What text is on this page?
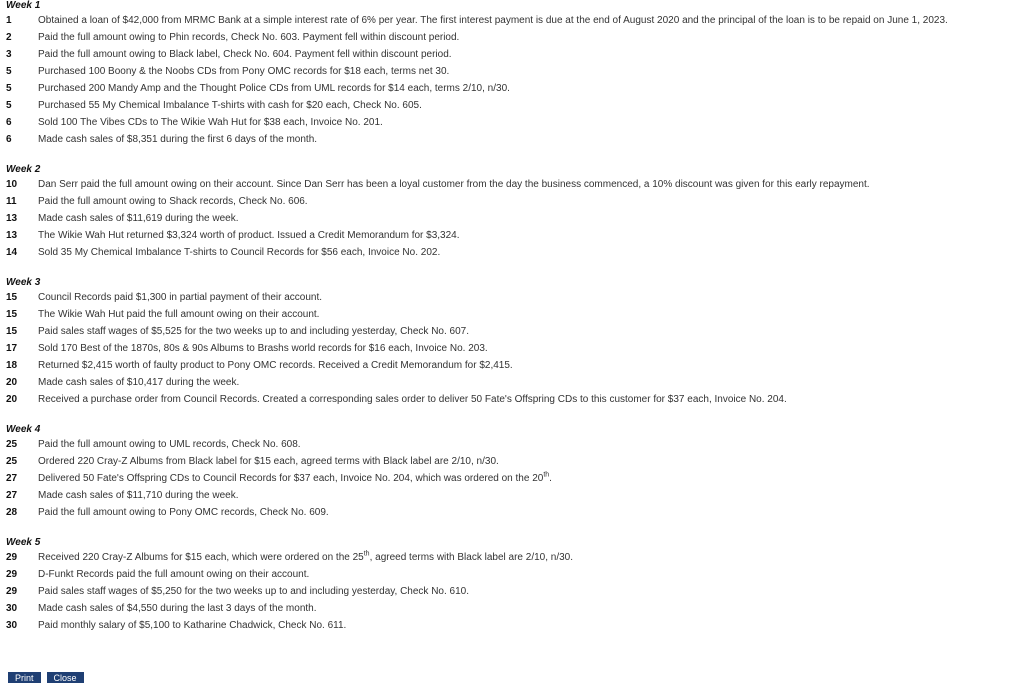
Week 1
1	Obtained a loan of $42,000 from MRMC Bank at a simple interest rate of 6% per year. The first interest payment is due at the end of August 2020 and the principal of the loan is to be repaid on June 1, 2023.
2	Paid the full amount owing to Phin records, Check No. 603. Payment fell within discount period.
3	Paid the full amount owing to Black label, Check No. 604. Payment fell within discount period.
5	Purchased 100 Boony & the Noobs CDs from Pony OMC records for $18 each, terms net 30.
5	Purchased 200 Mandy Amp and the Thought Police CDs from UML records for $14 each, terms 2/10, n/30.
5	Purchased 55 My Chemical Imbalance T-shirts with cash for $20 each, Check No. 605.
6	Sold 100 The Vibes CDs to The Wikie Wah Hut for $38 each, Invoice No. 201.
6	Made cash sales of $8,351 during the first 6 days of the month.
Week 2
10	Dan Serr paid the full amount owing on their account. Since Dan Serr has been a loyal customer from the day the business commenced, a 10% discount was given for this early repayment.
11	Paid the full amount owing to Shack records, Check No. 606.
13	Made cash sales of $11,619 during the week.
13	The Wikie Wah Hut returned $3,324 worth of product. Issued a Credit Memorandum for $3,324.
14	Sold 35 My Chemical Imbalance T-shirts to Council Records for $56 each, Invoice No. 202.
Week 3
15	Council Records paid $1,300 in partial payment of their account.
15	The Wikie Wah Hut paid the full amount owing on their account.
15	Paid sales staff wages of $5,525 for the two weeks up to and including yesterday, Check No. 607.
17	Sold 170 Best of the 1870s, 80s & 90s Albums to Brashs world records for $16 each, Invoice No. 203.
18	Returned $2,415 worth of faulty product to Pony OMC records. Received a Credit Memorandum for $2,415.
20	Made cash sales of $10,417 during the week.
20	Received a purchase order from Council Records. Created a corresponding sales order to deliver 50 Fate's Offspring CDs to this customer for $37 each, Invoice No. 204.
Week 4
25	Paid the full amount owing to UML records, Check No. 608.
25	Ordered 220 Cray-Z Albums from Black label for $15 each, agreed terms with Black label are 2/10, n/30.
27	Delivered 50 Fate's Offspring CDs to Council Records for $37 each, Invoice No. 204, which was ordered on the 20th.
27	Made cash sales of $11,710 during the week.
28	Paid the full amount owing to Pony OMC records, Check No. 609.
Week 5
29	Received 220 Cray-Z Albums for $15 each, which were ordered on the 25th, agreed terms with Black label are 2/10, n/30.
29	D-Funkt Records paid the full amount owing on their account.
29	Paid sales staff wages of $5,250 for the two weeks up to and including yesterday, Check No. 610.
30	Made cash sales of $4,550 during the last 3 days of the month.
30	Paid monthly salary of $5,100 to Katharine Chadwick, Check No. 611.
Print	Close
